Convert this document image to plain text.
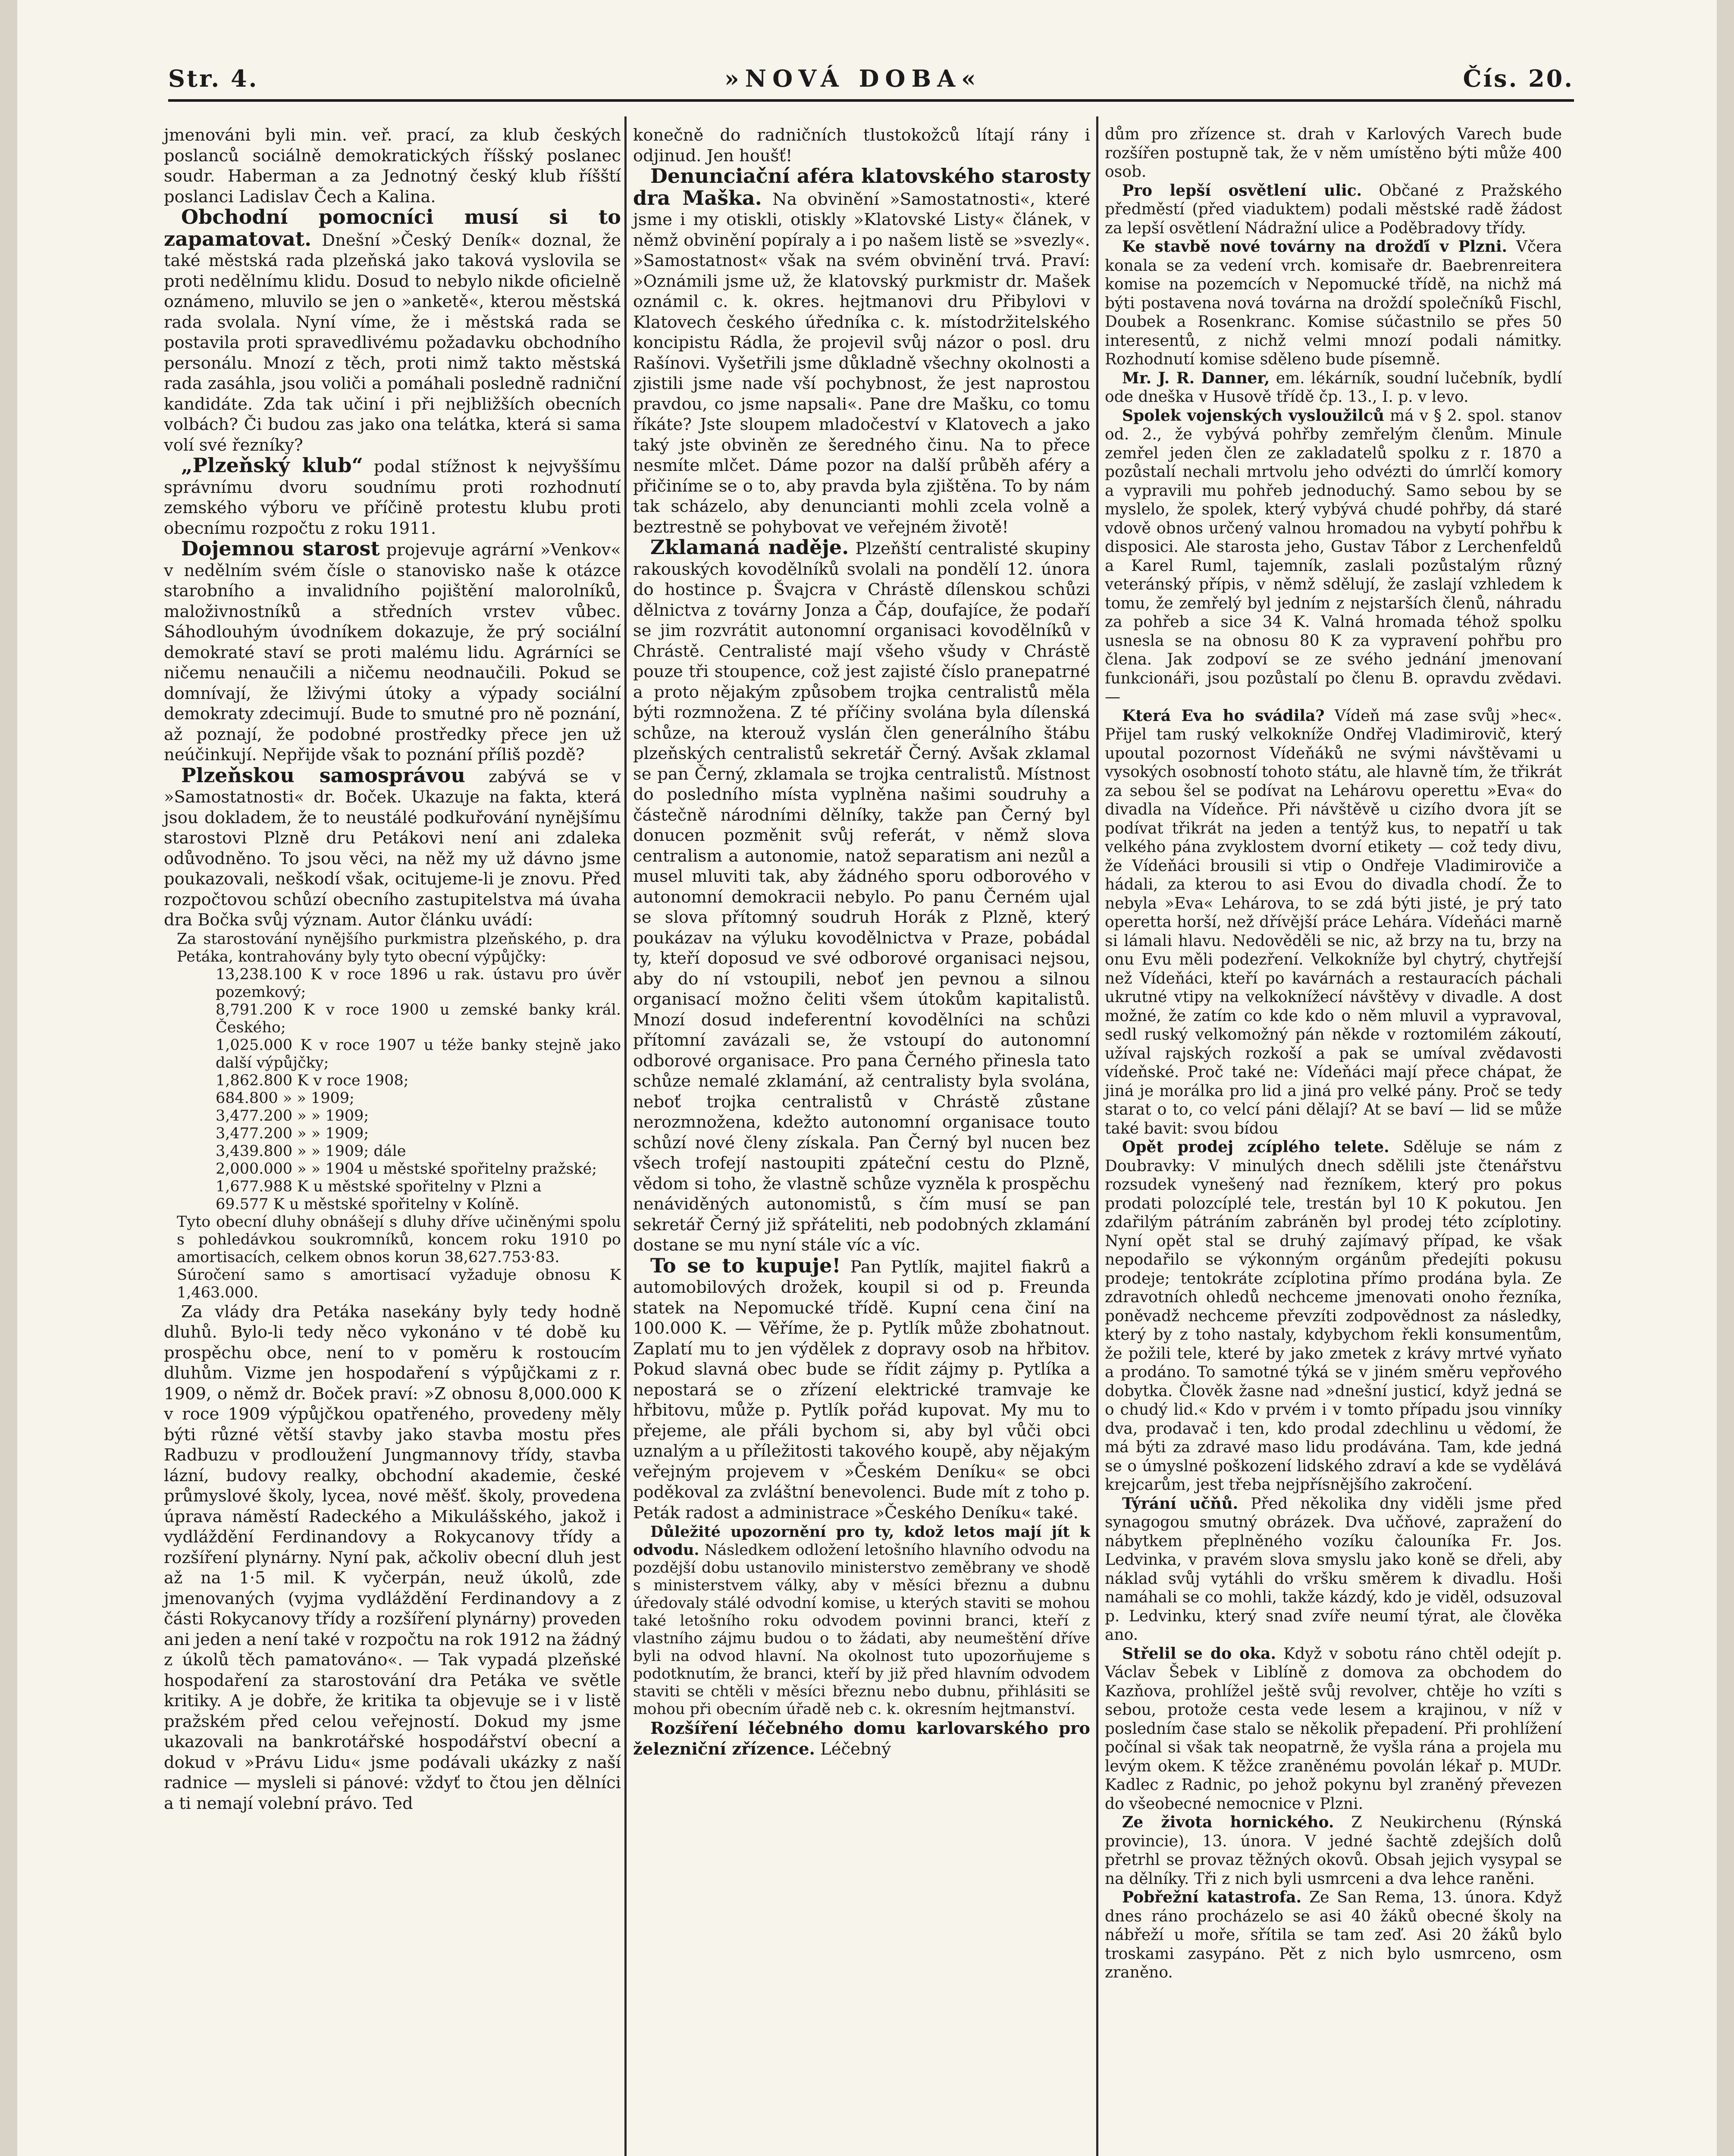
Str. 4.	»NOVÁ DOBA«	Čís. 20.

jmenováni byli min. veř. prací, za klub českých poslanců sociálně demokratických říšský poslanec soudr. Haberman a za Jednotný český klub říšští poslanci Ladislav Čech a Kalina.

Obchodní pomocníci musí si to zapamatovat. Dnešní »Český Deník« doznal, že také městská rada plzeňská jako taková vyslovila se proti nedělnímu klidu. Dosud to nebylo nikde oficielně oznámeno, mluvilo se jen o »anketě«, kterou městská rada svolala. Nyní víme, že i městská rada se postavila proti spravedlivému požadavku obchodního personálu. Mnozí z těch, proti nimž takto městská rada zasáhla, jsou voliči a pomáhali posledně radniční kandidáte. Zda tak učiní i při nejbližších obecních volbách? Či budou zas jako ona telátka, která si sama volí své řezníky?

„Plzeňský klub“ podal stížnost k nejvyššímu správnímu dvoru soudnímu proti rozhodnutí zemského výboru ve příčině protestu klubu proti obecnímu rozpočtu z roku 1911.

Dojemnou starost projevuje agrární »Venkov« v nedělním svém čísle o stanovisko naše k otázce starobního a invalidního pojištění malorolníků, maloživnostníků a středních vrstev vůbec. Sáhodlouhým úvodníkem dokazuje, že prý sociální demokraté staví se proti malému lidu. Agrárníci se ničemu nenaučili a ničemu neodnaučili. Pokud se domnívají, že lživými útoky a výpady sociální demokraty zdecimují. Bude to smutné pro ně poznání, až poznají, že podobné prostředky přece jen už neúčinkují. Nepřijde však to poznání příliš pozdě?

Plzeňskou samosprávou zabývá se v »Samostatnosti« dr. Boček. Ukazuje na fakta, která jsou dokladem, že to neustálé podkuřování nynějšímu starostovi Plzně dru Petákovi není ani zdaleka odůvodněno. To jsou věci, na něž my už dávno jsme poukazovali, neškodí však, ocitujeme-li je znovu. Před rozpočtovou schůzí obecního zastupitelstva má úvaha dra Bočka svůj význam. Autor článku uvádí:

Za starostování nynějšího purkmistra plzeňského, p. dra Petáka, kontrahovány byly tyto obecní výpůjčky:

13,238.100 K v roce 1896 u rak. ústavu pro úvěr pozemkový;

8,791.200 K v roce 1900 u zemské banky král. Českého;

1,025.000 K v roce 1907 u téže banky stejně jako další výpůjčky;

1,862.800 K v roce 1908;

684.800 » » 1909;

3,477.200 » » 1909;

3,477.200 » » 1909;

3,439.800 » » 1909; dále

2,000.000 » » 1904 u městské spořitelny pražské;

1,677.988 K u městské spořitelny v Plzni a

69.577 K u městské spořitelny v Kolíně.

Tyto obecní dluhy obnášejí s dluhy dříve učiněnými spolu s pohledávkou soukromníků, koncem roku 1910 po amortisacích, celkem obnos korun 38,627.753·83.

Súročení samo s amortisací vyžaduje obnosu K 1,463.000.

Za vlády dra Petáka nasekány byly tedy hodně dluhů. Bylo-li tedy něco vykonáno v té době ku prospěchu obce, není to v poměru k rostoucím dluhům. Vizme jen hospodaření s výpůjčkami z r. 1909, o němž dr. Boček praví: »Z obnosu 8,000.000 K v roce 1909 výpůjčkou opatřeného, provedeny měly býti různé větší stavby jako stavba mostu přes Radbuzu v prodloužení Jungmannovy třídy, stavba lázní, budovy realky, obchodní akademie, české průmyslové školy, lycea, nové měšť. školy, provedena úprava náměstí Radeckého a Mikulášského, jakož i vydláždění Ferdinandovy a Rokycanovy třídy a rozšíření plynárny. Nyní pak, ačkoliv obecní dluh jest až na 1·5 mil. K vyčerpán, neuž úkolů, zde jmenovaných (vyjma vydláždění Ferdinandovy a z části Rokycanovy třídy a rozšíření plynárny) proveden ani jeden a není také v rozpočtu na rok 1912 na žádný z úkolů těch pamatováno«. — Tak vypadá plzeňské hospodaření za starostování dra Petáka ve světle kritiky. A je dobře, že kritika ta objevuje se i v listě pražském před celou veřejností. Dokud my jsme ukazovali na bankrotářské hospodářství obecní a dokud v »Právu Lidu« jsme podávali ukázky z naší radnice — mysleli si pánové: vždyť to čtou jen dělníci a ti nemají volební právo. Ted

konečně do radničních tlustokožců lítají rány i odjinud. Jen houšť!

Denunciační aféra klatovského starosty dra Maška. Na obvinění »Samostatnosti«, které jsme i my otiskli, otiskly »Klatovské Listy« článek, v němž obvinění popíraly a i po našem listě se »svezly«. »Samostatnost« však na svém obvinění trvá. Praví: »Oznámili jsme už, že klatovský purkmistr dr. Mašek oznámil c. k. okres. hejtmanovi dru Přibylovi v Klatovech českého úředníka c. k. místodržitelského koncipistu Rádla, že projevil svůj názor o posl. dru Rašínovi. Vyšetřili jsme důkladně všechny okolnosti a zjistili jsme nade vší pochybnost, že jest naprostou pravdou, co jsme napsali«. Pane dre Mašku, co tomu říkáte? Jste sloupem mladočeství v Klatovech a jako taký jste obviněn ze šeredného činu. Na to přece nesmíte mlčet. Dáme pozor na další průběh aféry a přičiníme se o to, aby pravda byla zjištěna. To by nám tak scházelo, aby denuncianti mohli zcela volně a beztrestně se pohybovat ve veřejném životě!

Zklamaná naděje. Plzeňští centralisté skupiny rakouských kovodělníků svolali na pondělí 12. února do hostince p. Švajcra v Chrástě dílenskou schůzi dělnictva z továrny Jonza a Čáp, doufajíce, že podaří se jim rozvrátit autonomní organisaci kovodělníků v Chrástě. Centralisté mají všeho všudy v Chrástě pouze tři stoupence, což jest zajisté číslo pranepatrné a proto nějakým způsobem trojka centralistů měla býti rozmnožena. Z té příčiny svolána byla dílenská schůze, na kterouž vyslán člen generálního štábu plzeňských centralistů sekretář Černý. Avšak zklamal se pan Černý, zklamala se trojka centralistů. Místnost do posledního místa vyplněna našimi soudruhy a částečně národními dělníky, takže pan Černý byl donucen pozměnit svůj referát, v němž slova centralism a autonomie, natož separatism ani nezůl a musel mluviti tak, aby žádného sporu odborového v autonomní demokracii nebylo. Po panu Černém ujal se slova přítomný soudruh Horák z Plzně, který poukázav na výluku kovodělnictva v Praze, pobádal ty, kteří doposud ve své odborové organisaci nejsou, aby do ní vstoupili, neboť jen pevnou a silnou organisací možno čeliti všem útokům kapitalistů. Mnozí dosud indeferentní kovodělníci na schůzi přítomní zavázali se, že vstoupí do autonomní odborové organisace. Pro pana Černého přinesla tato schůze nemalé zklamání, až centralisty byla svolána, neboť trojka centralistů v Chrástě zůstane nerozmnožena, kdežto autonomní organisace touto schůzí nové členy získala. Pan Černý byl nucen bez všech trofejí nastoupiti zpáteční cestu do Plzně, vědom si toho, že vlastně schůze vyzněla k prospěchu nenáviděných autonomistů, s čím musí se pan sekretář Černý již spřáteliti, neb podobných zklamání dostane se mu nyní stále víc a víc.

To se to kupuje! Pan Pytlík, majitel fiakrů a automobilových drožek, koupil si od p. Freunda statek na Nepomucké třídě. Kupní cena činí na 100.000 K. — Věříme, že p. Pytlík může zbohatnout. Zaplatí mu to jen výdělek z dopravy osob na hřbitov. Pokud slavná obec bude se řídit zájmy p. Pytlíka a nepostará se o zřízení elektrické tramvaje ke hřbitovu, může p. Pytlík pořád kupovat. My mu to přejeme, ale přáli bychom si, aby byl vůči obci uznalým a u příležitosti takového koupě, aby nějakým veřejným projevem v »Českém Deníku« se obci poděkoval za zvláštní benevolenci. Bude mít z toho p. Peták radost a administrace »Českého Deníku« také.

Důležité upozornění pro ty, kdož letos mají jít k odvodu. Následkem odložení letošního hlavního odvodu na pozdější dobu ustanovilo ministerstvo zeměbrany ve shodě s ministerstvem války, aby v měsíci březnu a dubnu úředovaly stálé odvodní komise, u kterých staviti se mohou také letošního roku odvodem povinni branci, kteří z vlastního zájmu budou o to žádati, aby neumeštění dříve byli na odvod hlavní. Na okolnost tuto upozorňujeme s podotknutím, že branci, kteří by již před hlavním odvodem staviti se chtěli v měsíci březnu nebo dubnu, přihlásiti se mohou při obecním úřadě neb c. k. okresním hejtmanství.

Rozšíření léčebného domu karlovarského pro železniční zřízence. Léčebný

dům pro zřízence st. drah v Karlových Varech bude rozšířen postupně tak, že v něm umístěno býti může 400 osob.

Pro lepší osvětlení ulic. Občané z Pražského předměstí (před viaduktem) podali městské radě žádost za lepší osvětlení Nádražní ulice a Poděbradovy třídy.

Ke stavbě nové továrny na drožďí v Plzni. Včera konala se za vedení vrch. komisaře dr. Baebrenreitera komise na pozemcích v Nepomucké třídě, na nichž má býti postavena nová továrna na droždí společníků Fischl, Doubek a Rosenkranc. Komise súčastnilo se přes 50 interesentů, z nichž velmi mnozí podali námitky. Rozhodnutí komise sděleno bude písemně.

Mr. J. R. Danner, em. lékárník, soudní lučebník, bydlí ode dneška v Husově třídě čp. 13., I. p. v levo.

Spolek vojenských vysloužilců má v § 2. spol. stanov od. 2., že vybývá pohřby zemřelým členům. Minule zemřel jeden člen ze zakladatelů spolku z r. 1870 a pozůstalí nechali mrtvolu jeho odvézti do úmrlčí komory a vypravili mu pohřeb jednoduchý. Samo sebou by se myslelo, že spolek, který vybývá chudé pohřby, dá staré vdově obnos určený valnou hromadou na vybytí pohřbu k disposici. Ale starosta jeho, Gustav Tábor z Lerchenfeldů a Karel Ruml, tajemník, zaslali pozůstalým různý veteránský přípis, v němž sdělují, že zaslají vzhledem k tomu, že zemřelý byl jedním z nejstarších členů, náhradu za pohřeb a sice 34 K. Valná hromada téhož spolku usnesla se na obnosu 80 K za vypravení pohřbu pro člena. Jak zodpoví se ze svého jednání jmenovaní funkcionáři, jsou pozůstalí po členu B. opravdu zvědavi. —

Která Eva ho svádila? Vídeň má zase svůj »hec«. Přijel tam ruský velkokníže Ondřej Vladimirovič, který upoutal pozornost Vídeňáků ne svými návštěvami u vysokých osobností tohoto státu, ale hlavně tím, že třikrát za sebou šel se podívat na Lehárovu operettu »Eva« do divadla na Vídeňce. Při návštěvě u cizího dvora jít se podívat třikrát na jeden a tentýž kus, to nepatří u tak velkého pána zvyklostem dvorní etikety — což tedy divu, že Vídeňáci brousili si vtip o Ondřeje Vladimiroviče a hádali, za kterou to asi Evou do divadla chodí. Že to nebyla »Eva« Lehárova, to se zdá býti jisté, je prý tato operetta horší, než dřívější práce Lehára. Vídeňáci marně si lámali hlavu. Nedověděli se nic, až brzy na tu, brzy na onu Evu měli podezření. Velkokníže byl chytrý, chytřejší než Vídeňáci, kteří po kavárnách a restauracích páchali ukrutné vtipy na velkoknížecí návštěvy v divadle. A dost možné, že zatím co kde kdo o něm mluvil a vypravoval, sedl ruský velkomožný pán někde v roztomilém zákoutí, užíval rajských rozkoší a pak se umíval zvědavosti vídeňské. Proč také ne: Vídeňáci mají přece chápat, že jiná je morálka pro lid a jiná pro velké pány. Proč se tedy starat o to, co velcí páni dělají? At se baví — lid se může také bavit: svou bídou

Opět prodej zcíplého telete. Sděluje se nám z Doubravky: V minulých dnech sdělili jste čtenářstvu rozsudek vynešený nad řezníkem, který pro pokus prodati polozcíplé tele, trestán byl 10 K pokutou. Jen zdařilým pátráním zabráněn byl prodej této zcíplotiny. Nyní opět stal se druhý zajímavý případ, ke však nepodařilo se výkonným orgánům předejíti pokusu prodeje; tentokráte zcíplotina přímo prodána byla. Ze zdravotních ohledů nechceme jmenovati onoho řezníka, poněvadž nechceme převzíti zodpovědnost za následky, který by z toho nastaly, kdybychom řekli konsumentům, že požili tele, které by jako zmetek z krávy mrtvé vyňato a prodáno. To samotné týká se v jiném směru vepřového dobytka. Člověk žasne nad »dnešní justicí, když jedná se o chudý lid.« Kdo v prvém i v tomto případu jsou vinníky dva, prodavač i ten, kdo prodal zdechlinu u vědomí, že má býti za zdravé maso lidu prodávána. Tam, kde jedná se o úmyslné poškození lidského zdraví a kde se vydělává krejcarům, jest třeba nejpřísnějšího zakročení.

Týrání učňů. Před několika dny viděli jsme před synagogou smutný obrázek. Dva učňové, zapražení do nábytkem přeplněného vozíku čalouníka Fr. Jos. Ledvinka, v pravém slova smyslu jako koně se dřeli, aby náklad svůj vytáhli do vršku směrem k divadlu. Hoši namáhali se co mohli, takže kázdý, kdo je viděl, odsuzoval p. Ledvinku, který snad zvíře neumí týrat, ale člověka ano.

Střelil se do oka. Když v sobotu ráno chtěl odejít p. Václav Šebek v Liblíně z domova za obchodem do Kazňova, prohlížel ještě svůj revolver, chtěje ho vzíti s sebou, protože cesta vede lesem a krajinou, v níž v posledním čase stalo se několik přepadení. Při prohlížení počínal si však tak neopatrně, že vyšla rána a projela mu levým okem. K těžce zraněnému povolán lékař p. MUDr. Kadlec z Radnic, po jehož pokynu byl zraněný převezen do všeobecné nemocnice v Plzni.

Ze života hornického. Z Neukirchenu (Rýnská provincie), 13. února. V jedné šachtě zdejších dolů přetrhl se provaz těžných okovů. Obsah jejich vysypal se na dělníky. Tři z nich byli usmrceni a dva lehce raněni.

Pobřežní katastrofa. Ze San Rema, 13. února. Když dnes ráno procházelo se asi 40 žáků obecné školy na nábřeží u moře, sřítila se tam zeď. Asi 20 žáků bylo troskami zasypáno. Pět z nich bylo usmrceno, osm zraněno.
